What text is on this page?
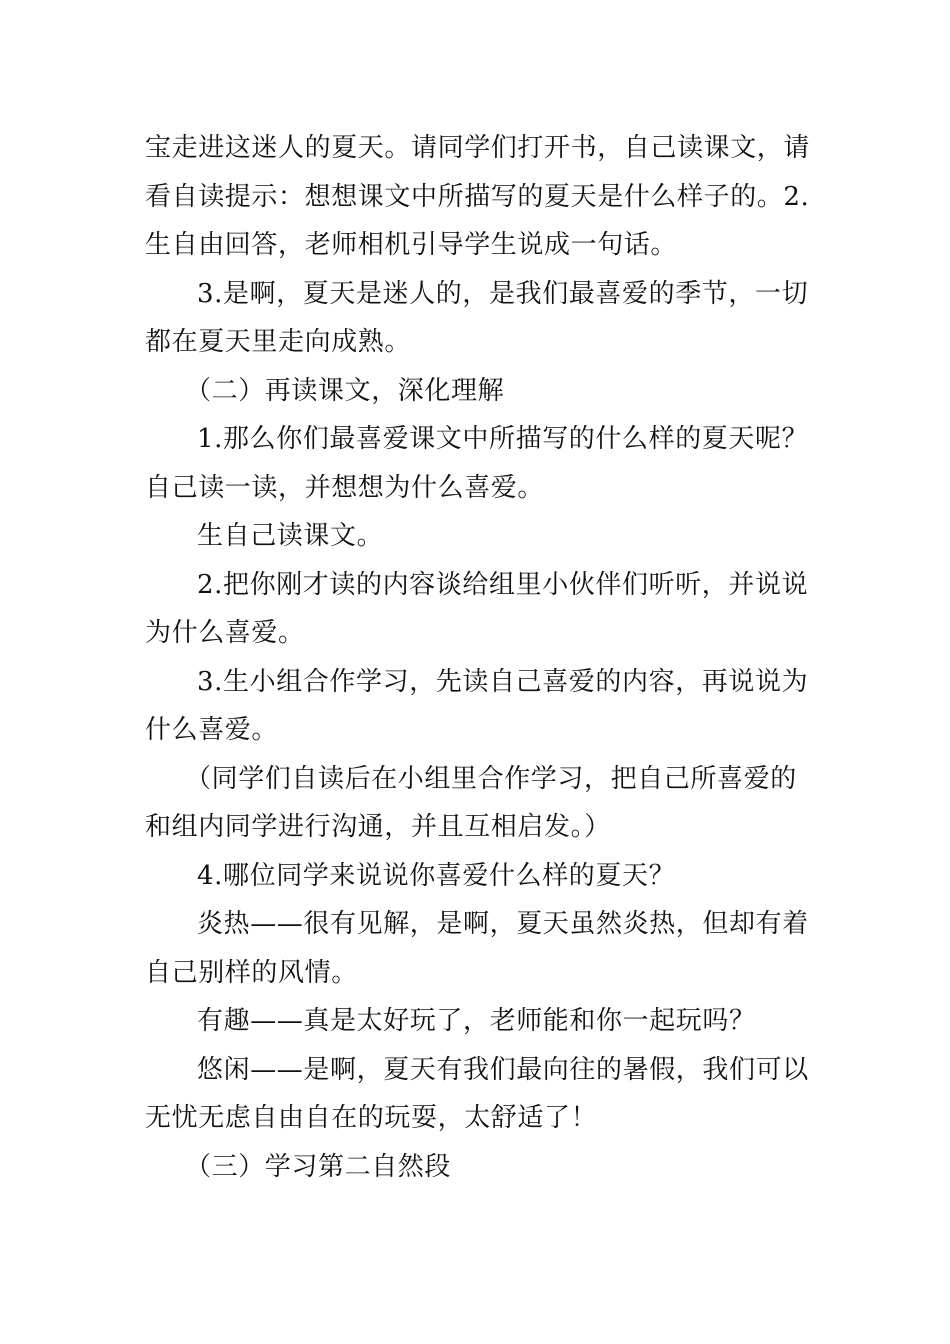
宝走进这迷人的夏天。请同学们打开书，自己读课文，请

看自读提示：想想课文中所描写的夏天是什么样子的。2.

生自由回答，老师相机引导学生说成一句话。

3.是啊，夏天是迷人的，是我们最喜爱的季节，一切

都在夏天里走向成熟。

（二）再读课文，深化理解

1.那么你们最喜爱课文中所描写的什么样的夏天呢？

自己读一读，并想想为什么喜爱。

生自己读课文。

2.把你刚才读的内容谈给组里小伙伴们听听，并说说

为什么喜爱。

3.生小组合作学习，先读自己喜爱的内容，再说说为

什么喜爱。

（同学们自读后在小组里合作学习，把自己所喜爱的

和组内同学进行沟通，并且互相启发。）

4.哪位同学来说说你喜爱什么样的夏天？

炎热——很有见解，是啊，夏天虽然炎热，但却有着

自己别样的风情。

有趣——真是太好玩了，老师能和你一起玩吗？

悠闲——是啊，夏天有我们最向往的暑假，我们可以

无忧无虑自由自在的玩耍，太舒适了！

（三）学习第二自然段
